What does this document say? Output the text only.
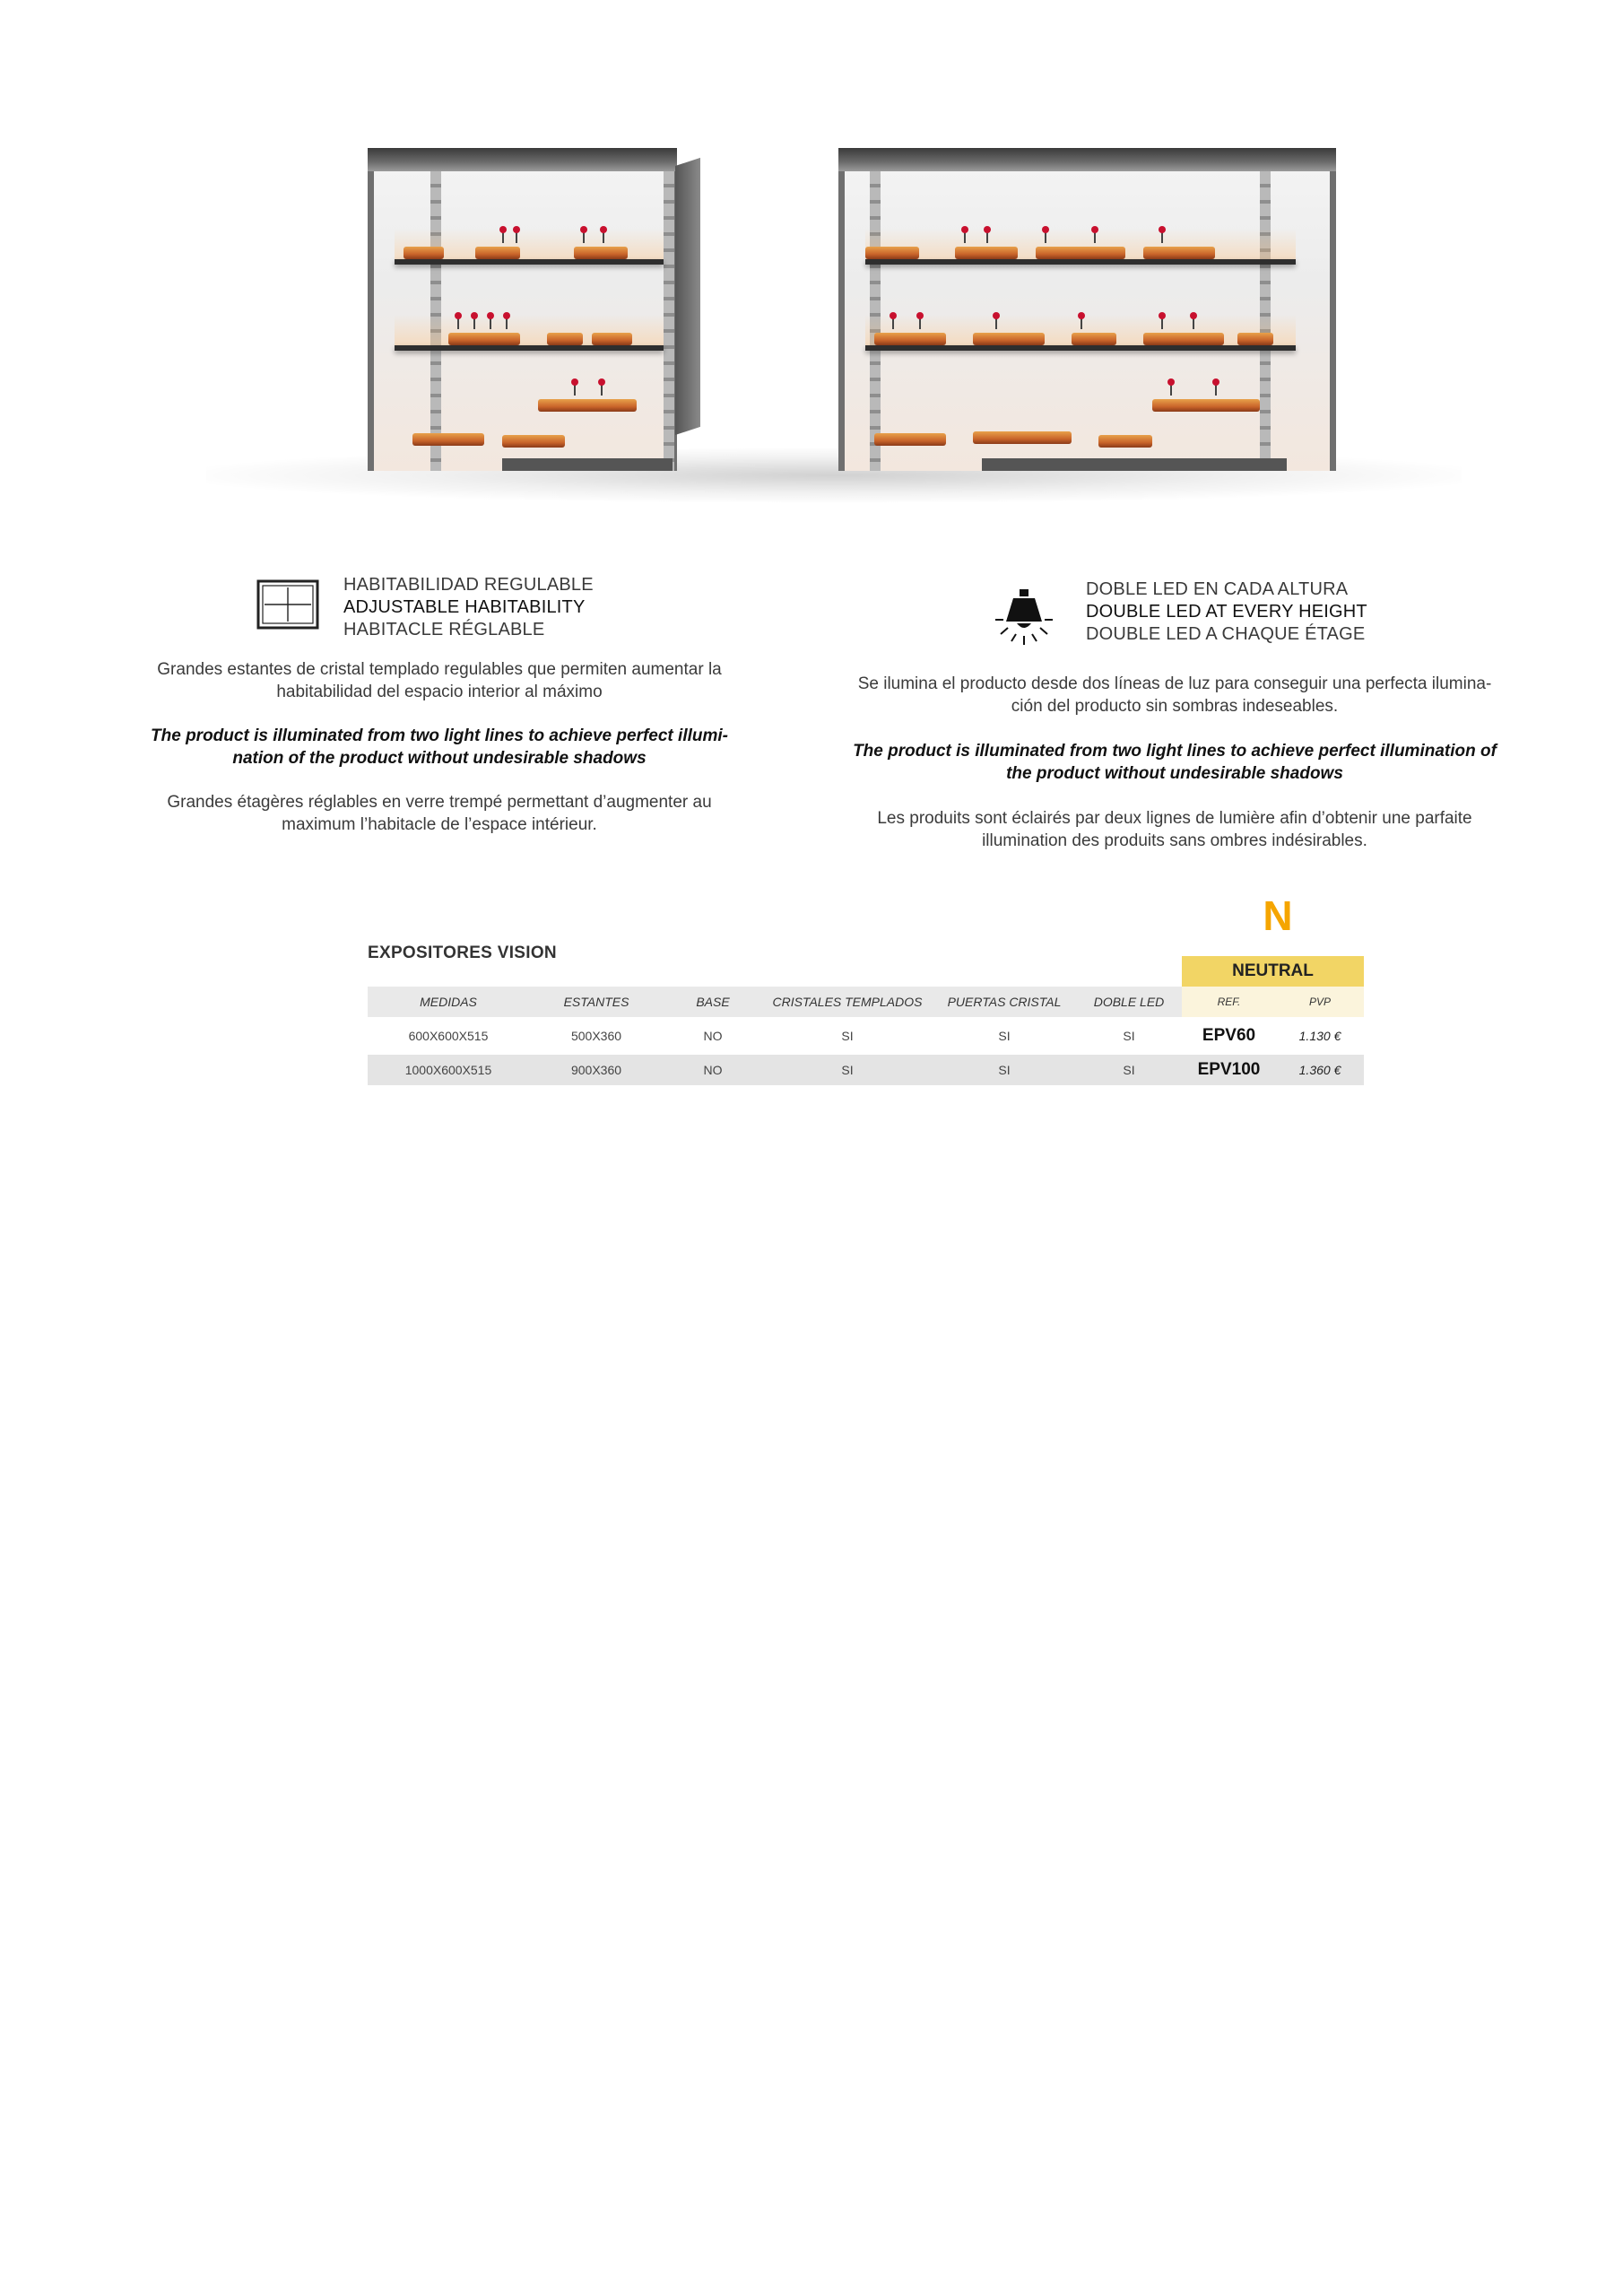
HABITABILIDAD REGULABLE
ADJUSTABLE HABITABILITY
HABITACLE RÉGLABLE
Grandes estantes de cristal templado regulables que permiten aumentar la
habitabilidad del espacio interior al máximo
The product is illuminated from two light lines to achieve perfect illumi-
nation of the product without undesirable shadows
Grandes étagères réglables en verre trempé permettant d’augmenter au
maximum l’habitacle de l’espace intérieur.
DOBLE LED EN CADA ALTURA
DOUBLE LED AT EVERY HEIGHT
DOUBLE LED A CHAQUE ÉTAGE
Se ilumina el producto desde dos líneas de luz para conseguir una perfecta ilumina-
ción del producto sin sombras indeseables.
The product is illuminated from two light lines to achieve perfect illumination of
the product without undesirable shadows
Les produits sont éclairés par deux lignes de lumière afin d’obtenir une parfaite
illumination des produits sans ombres indésirables.
N
EXPOSITORES VISION
NEUTRAL
MEDIDAS	ESTANTES	BASE	CRISTALES TEMPLADOS	PUERTAS CRISTAL	DOBLE LED	REF.	PVP
600X600X515	500X360	NO	SI	SI	SI	EPV60	1.130 €
1000X600X515	900X360	NO	SI	SI	SI	EPV100	1.360 €
